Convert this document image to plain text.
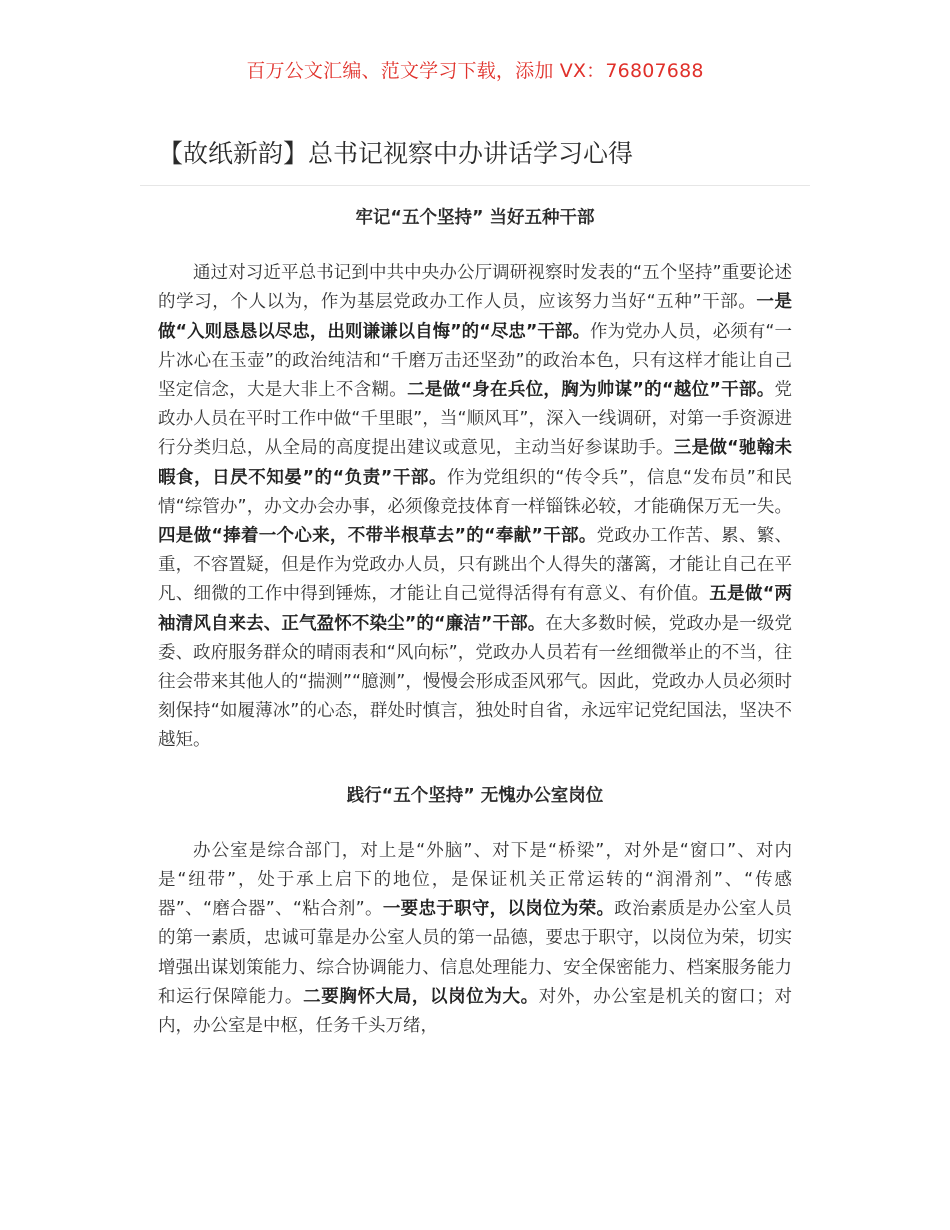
百万公文汇编、范文学习下载，添加 VX：76807688
【故纸新韵】总书记视察中办讲话学习心得
牢记“五个坚持” 当好五种干部

通过对习近平总书记到中共中央办公厅调研视察时发表的“五个坚持”重要论述的学习，个人以为，作为基层党政办工作人员，应该努力当好“五种”干部。一是做“入则恳恳以尽忠，出则谦谦以自悔”的“尽忠”干部。作为党办人员，必须有“一片冰心在玉壶”的政治纯洁和“千磨万击还坚劲”的政治本色，只有这样才能让自己坚定信念，大是大非上不含糊。二是做“身在兵位，胸为帅谋”的“越位”干部。党政办人员在平时工作中做“千里眼”，当“顺风耳”，深入一线调研，对第一手资源进行分类归总，从全局的高度提出建议或意见，主动当好参谋助手。三是做“驰翰未暇食，日昃不知晏”的“负责”干部。作为党组织的“传令兵”，信息“发布员”和民情“综管办”，办文办会办事，必须像竞技体育一样锱铢必较，才能确保万无一失。四是做“捧着一个心来，不带半根草去”的“奉献”干部。党政办工作苦、累、繁、重，不容置疑，但是作为党政办人员，只有跳出个人得失的藩篱，才能让自己在平凡、细微的工作中得到锤炼，才能让自己觉得活得有有意义、有价值。五是做“两袖清风自来去、正气盈怀不染尘”的“廉洁”干部。在大多数时候，党政办是一级党委、政府服务群众的晴雨表和“风向标”，党政办人员若有一丝细微举止的不当，往往会带来其他人的“揣测”“臆测”，慢慢会形成歪风邪气。因此，党政办人员必须时刻保持“如履薄冰”的心态，群处时慎言，独处时自省，永远牢记党纪国法，坚决不越矩。

践行“五个坚持” 无愧办公室岗位

办公室是综合部门，对上是“外脑”、对下是“桥梁”，对外是“窗口”、对内是“纽带”，处于承上启下的地位，是保证机关正常运转的“润滑剂”、“传感器”、“磨合器”、“粘合剂”。一要忠于职守，以岗位为荣。政治素质是办公室人员的第一素质，忠诚可靠是办公室人员的第一品德，要忠于职守，以岗位为荣，切实增强出谋划策能力、综合协调能力、信息处理能力、安全保密能力、档案服务能力和运行保障能力。二要胸怀大局，以岗位为大。对外，办公室是机关的窗口；对内，办公室是中枢，任务千头万绪，
